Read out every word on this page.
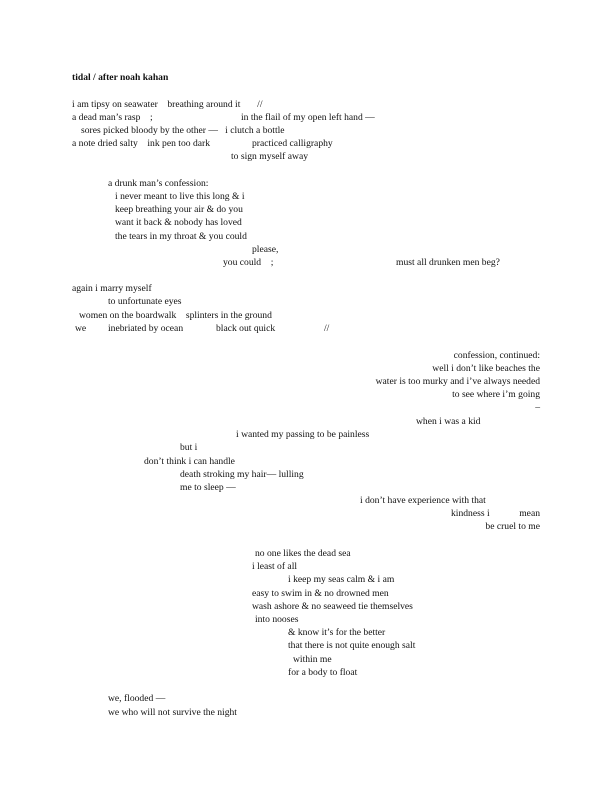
tidal / after noah kahan
i am tipsy on seawater    breathing around it       //
a dead man’s rasp    ;	in the flail of my open left hand —
sores picked bloody by the other —   i clutch a bottle
a note dried salty    ink pen too dark	practiced calligraphy
to sign myself away
a drunk man’s confession:
i never meant to live this long & i
keep breathing your air & do you
want it back & nobody has loved
the tears in my throat & you could
please,
you could    ;	must all drunken men beg?
again i marry myself
to unfortunate eyes
women on the boardwalk    splinters in the ground
we inebriated by ocean	black out quick	//
confession, continued:
well i don’t like beaches the
water is too murky and i’ve always needed
to see where i’m going
–
when i was a kid
i wanted my passing to be painless
but i
don’t think i can handle
death stroking my hair— lulling
me to sleep —
i don’t have experience with that
kindness i	mean
be cruel to me
no one likes the dead sea
i least of all
i keep my seas calm & i am
easy to swim in & no drowned men
wash ashore & no seaweed tie themselves
into nooses
& know it’s for the better
that there is not quite enough salt
within me
for a body to float
we, flooded —
we who will not survive the night
